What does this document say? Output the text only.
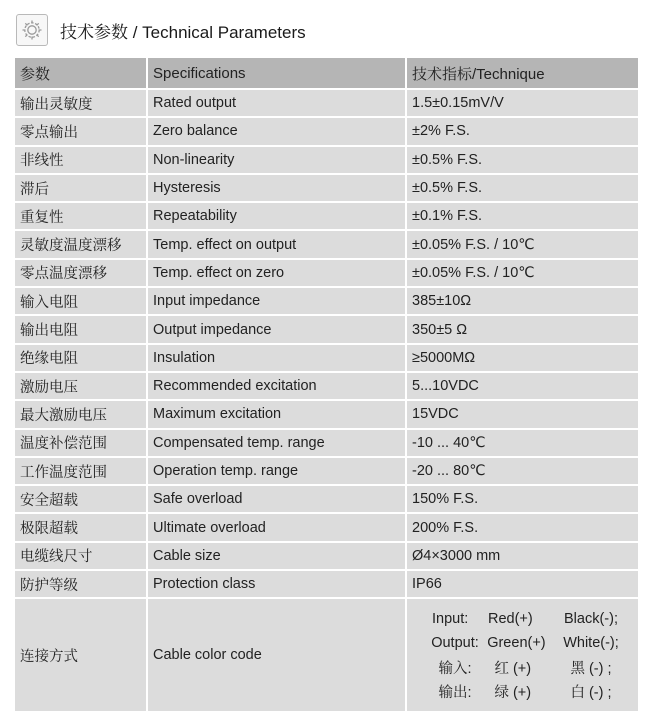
技术参数 / Technical Parameters
参数	Specifications	技术指标/Technique
输出灵敏度	Rated output	1.5±0.15mV/V
零点输出	Zero balance	±2% F.S.
非线性	Non-linearity	±0.5% F.S.
滞后	Hysteresis	±0.5% F.S.
重复性	Repeatability	±0.1% F.S.
灵敏度温度漂移	Temp. effect on output	±0.05% F.S. / 10℃
零点温度漂移	Temp. effect on zero	±0.05% F.S. / 10℃
输入电阻	Input impedance	385±10Ω
输出电阻	Output impedance	350±5 Ω
绝缘电阻	Insulation	≥5000MΩ
激励电压	Recommended excitation	5...10VDC
最大激励电压	Maximum excitation	15VDC
温度补偿范围	Compensated temp. range	-10 ... 40℃
工作温度范围	Operation temp. range	-20 ... 80℃
安全超载	Safe overload	150% F.S.
极限超载	Ultimate overload	200% F.S.
电缆线尺寸	Cable size	Ø4×3000 mm
防护等级	Protection class	IP66
连接方式	Cable color code
Input:	Red(+)	Black(-);
Output: Green(+)	White(-);
输入:	红 (+)	黑 (-) ;
输出:	绿 (+)	白 (-) ;
